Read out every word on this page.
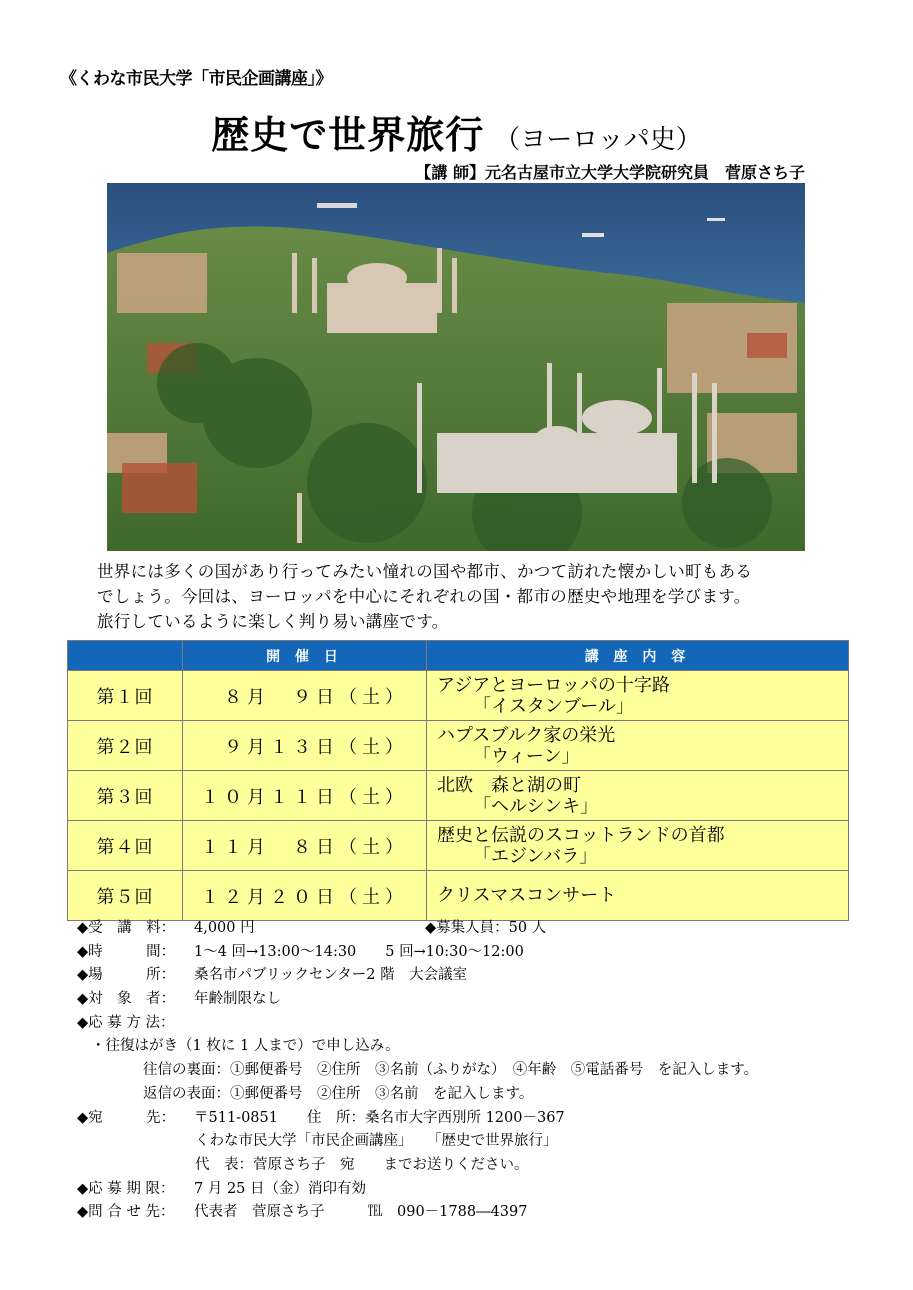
《くわな市民大学「市民企画講座」》
歴史で世界旅行 （ヨーロッパ史）
【講 師】元名古屋市立大学大学院研究員　菅原さち子

世界には多くの国があり行ってみたい憧れの国や都市、かつて訪れた懐かしい町もある

でしょう。今回は、ヨーロッパを中心にそれぞれの国・都市の歴史や地理を学びます。

旅行しているように楽しく判り易い講座です。

	開 催 日	講 座 内 容
第１回	８月　９日（土）	アジアとヨーロッパの十字路
「イスタンブール」

第２回	９月１３日（土）	ハプスブルク家の栄光
「ウィーン」

第３回	１０月１１日（土）	北欧　森と湖の町
「ヘルシンキ」

第４回	１１月　８日（土）	歴史と伝説のスコットランドの首都
「エジンバラ」

第５回	１２月２０日（土）	クリスマスコンサート
◆受　講　料： 4,000 円	◆募集人員：50 人
◆時　　　間： 1〜4 回→13:00〜14:30　　5 回→10:30〜12:00
◆場　　　所： 桑名市パブリックセンター2 階　大会議室
◆対　象　者： 年齢制限なし
◆応 募 方 法：
・往復はがき（1 枚に 1 人まで）で申し込み。
往信の裏面：①郵便番号　②住所　③名前（ふりがな）　④年齢　⑤電話番号　を記入します。
返信の表面：①郵便番号　②住所　③名前　を記入します。
◆宛　　　先： 〒511-0851　　住　所：桑名市大字西別所 1200－367
くわな市民大学「市民企画講座」　　「歴史で世界旅行」
代　表：菅原さち子　宛　　までお送りください。
◆応 募 期 限： 7 月 25 日（金）消印有効
◆問 合 せ 先： 代表者　菅原さち子　　　℡　090－1788―4397
